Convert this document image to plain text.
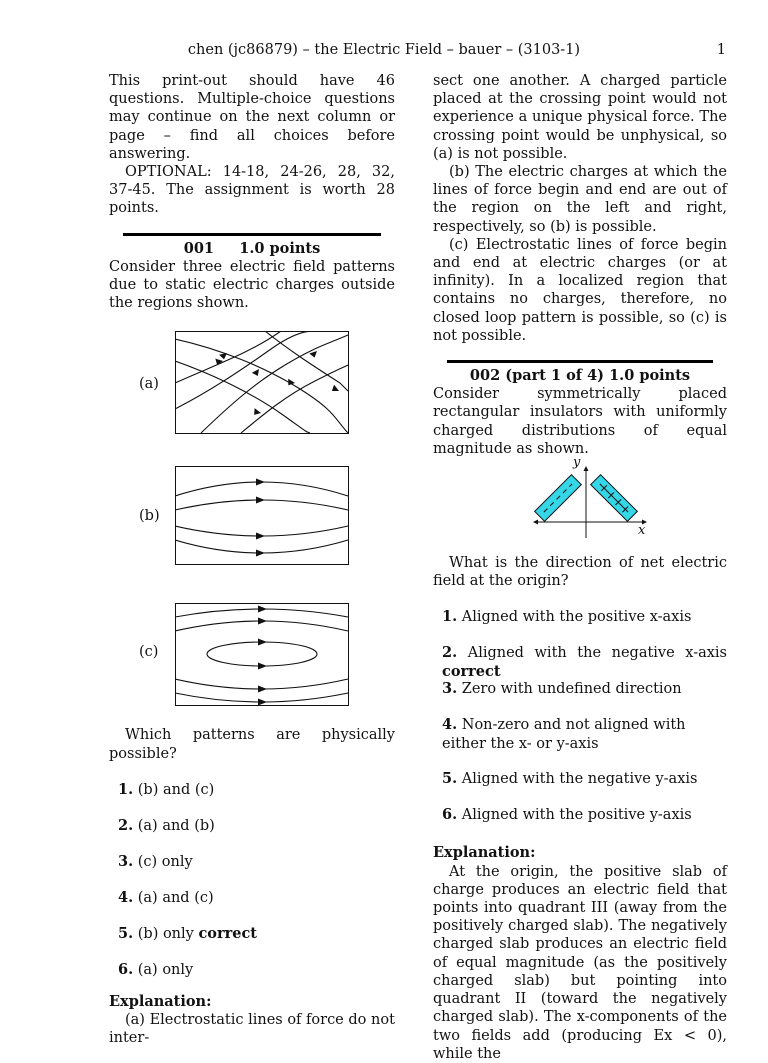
chen (jc86879) – the Electric Field – bauer – (3103-1)	1

This print-out should have 46 questions. Multiple-choice questions may continue on the next column or page – find all choices before answering.

OPTIONAL: 14-18, 24-26, 28, 32, 37-45. The assignment is worth 28 points.

001     1.0 points

Consider three electric field patterns due to static electric charges outside the regions shown.

(a)
(b)
(c)

Which patterns are physically possible?

1. (b) and (c)

2. (a) and (b)

3. (c) only

4. (a) and (c)

5. (b) only correct

6. (a) only

Explanation:

(a) Electrostatic lines of force do not inter-

sect one another. A charged particle placed at the crossing point would not experience a unique physical force. The crossing point would be unphysical, so (a) is not possible.

(b) The electric charges at which the lines of force begin and end are out of the region on the left and right, respectively, so (b) is possible.

(c) Electrostatic lines of force begin and end at electric charges (or at infinity). In a localized region that contains no charges, therefore, no closed loop pattern is possible, so (c) is not possible.

002 (part 1 of 4) 1.0 points

Consider symmetrically placed rectangular insulators with uniformly charged distributions of equal magnitude as shown.

y
x

What is the direction of net electric field at the origin?

1. Aligned with the positive x-axis

2. Aligned with the negative x-axis correct

3. Zero with undefined direction

4. Non-zero and not aligned with either the x- or y-axis

5. Aligned with the negative y-axis

6. Aligned with the positive y-axis

Explanation:

At the origin, the positive slab of charge produces an electric field that points into quadrant III (away from the positively charged slab). The negatively charged slab produces an electric field of equal magnitude (as the positively charged slab) but pointing into quadrant II (toward the negatively charged slab). The x-components of the two fields add (producing Ex < 0), while the
